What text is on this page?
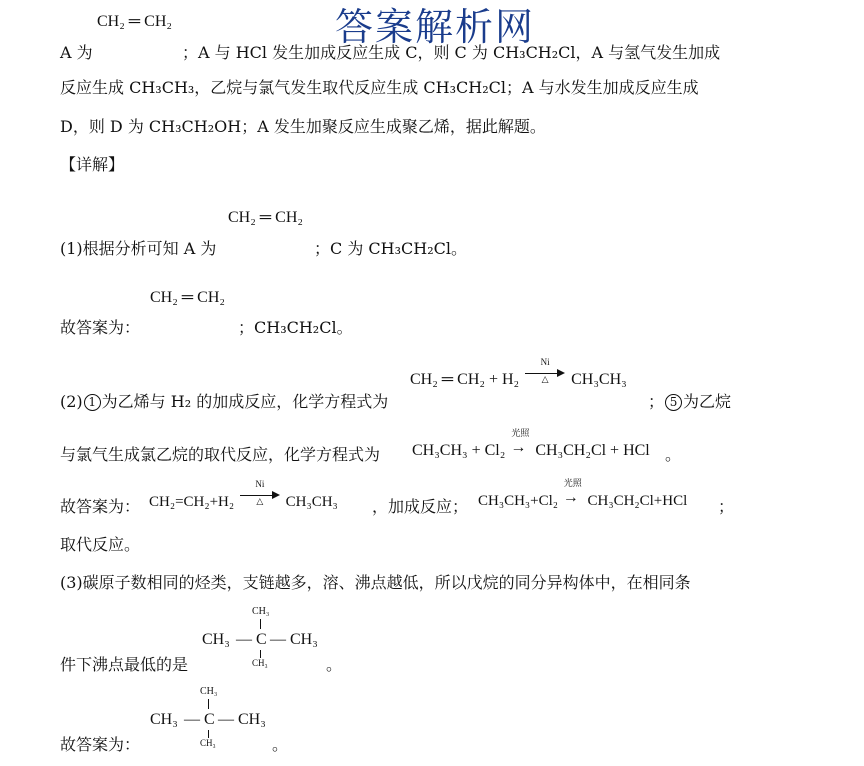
答案解析网
CH₂ ═ CH₂
A 为	；A 与 HCl 发生加成反应生成 C，则 C 为 CH₃CH₂Cl，A 与氢气发生加成
反应生成 CH₃CH₃，乙烷与氯气发生取代反应生成 CH₃CH₂Cl；A 与水发生加成反应生成
D，则 D 为 CH₃CH₂OH；A 发生加聚反应生成聚乙烯，据此解题。
【详解】
CH₂ ═ CH₂
(1)根据分析可知 A 为	；C 为 CH₃CH₂Cl。
CH₂ ═ CH₂
故答案为：	；CH₃CH₂Cl。
CH₂ ═ CH₂ + H₂
Ni
△	CH₃CH₃
(2) 1 为乙烯与 H₂ 的加成反应，化学方程式为	； 5 为乙烷
与氯气生成氯乙烷的取代反应，化学方程式为 CH₃CH₃ + Cl₂
光照
→ CH₃CH₂Cl + HCl 。
故答案为： CH₂=CH₂+H₂
Ni
△	CH₃CH₃ ，加成反应； CH₃CH₃+Cl₂
光照
→ CH₃CH₂Cl+HCl ；
取代反应。
(3)碳原子数相同的烃类，支链越多，溶、沸点越低，所以戊烷的同分异构体中，在相同条
CH₃
CH₃ — C — CH₃
CH₃
件下沸点最低的是	。
CH₃
CH₃ — C — CH₃
CH₃
故答案为：	。
